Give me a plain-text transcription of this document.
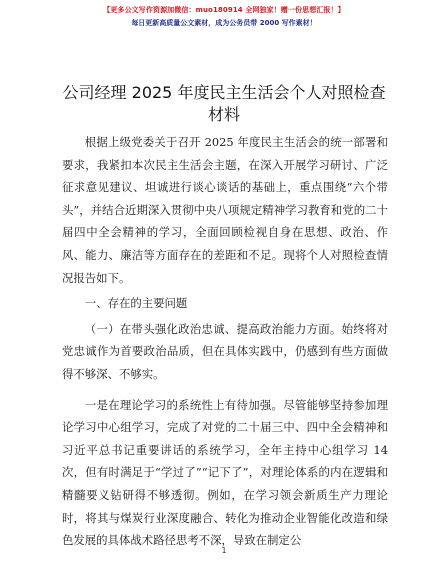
【更多公文写作资源加微信：muo180914 全网独家！赠一份思想汇报！】
每日更新高质量公文素材，成为公务员带 2000 写作素材！
公司经理 2025 年度民主生活会个人对照检查材料

根据上级党委关于召开 2025 年度民主生活会的统一部署和要求，我紧扣本次民主生活会主题，在深入开展学习研讨、广泛征求意见建议、坦诚进行谈心谈话的基础上，重点围绕“六个带头”，并结合近期深入贯彻中央八项规定精神学习教育和党的二十届四中全会精神的学习，全面回顾检视自身在思想、政治、作风、能力、廉洁等方面存在的差距和不足。现将个人对照检查情况报告如下。

一、存在的主要问题

（一）在带头强化政治忠诚、提高政治能力方面。始终将对党忠诚作为首要政治品质，但在具体实践中，仍感到有些方面做得不够深、不够实。

一是在理论学习的系统性上有待加强。尽管能够坚持参加理论学习中心组学习，完成了对党的二十届三中、四中全会精神和习近平总书记重要讲话的系统学习，全年主持中心组学习 14 次，但有时满足于“学过了”“记下了”，对理论体系的内在逻辑和精髓要义钻研得不够透彻。例如，在学习领会新质生产力理论时，将其与煤炭行业深度融合、转化为推动企业智能化改造和绿色发展的具体战术路径思考不深，导致在制定公

1
